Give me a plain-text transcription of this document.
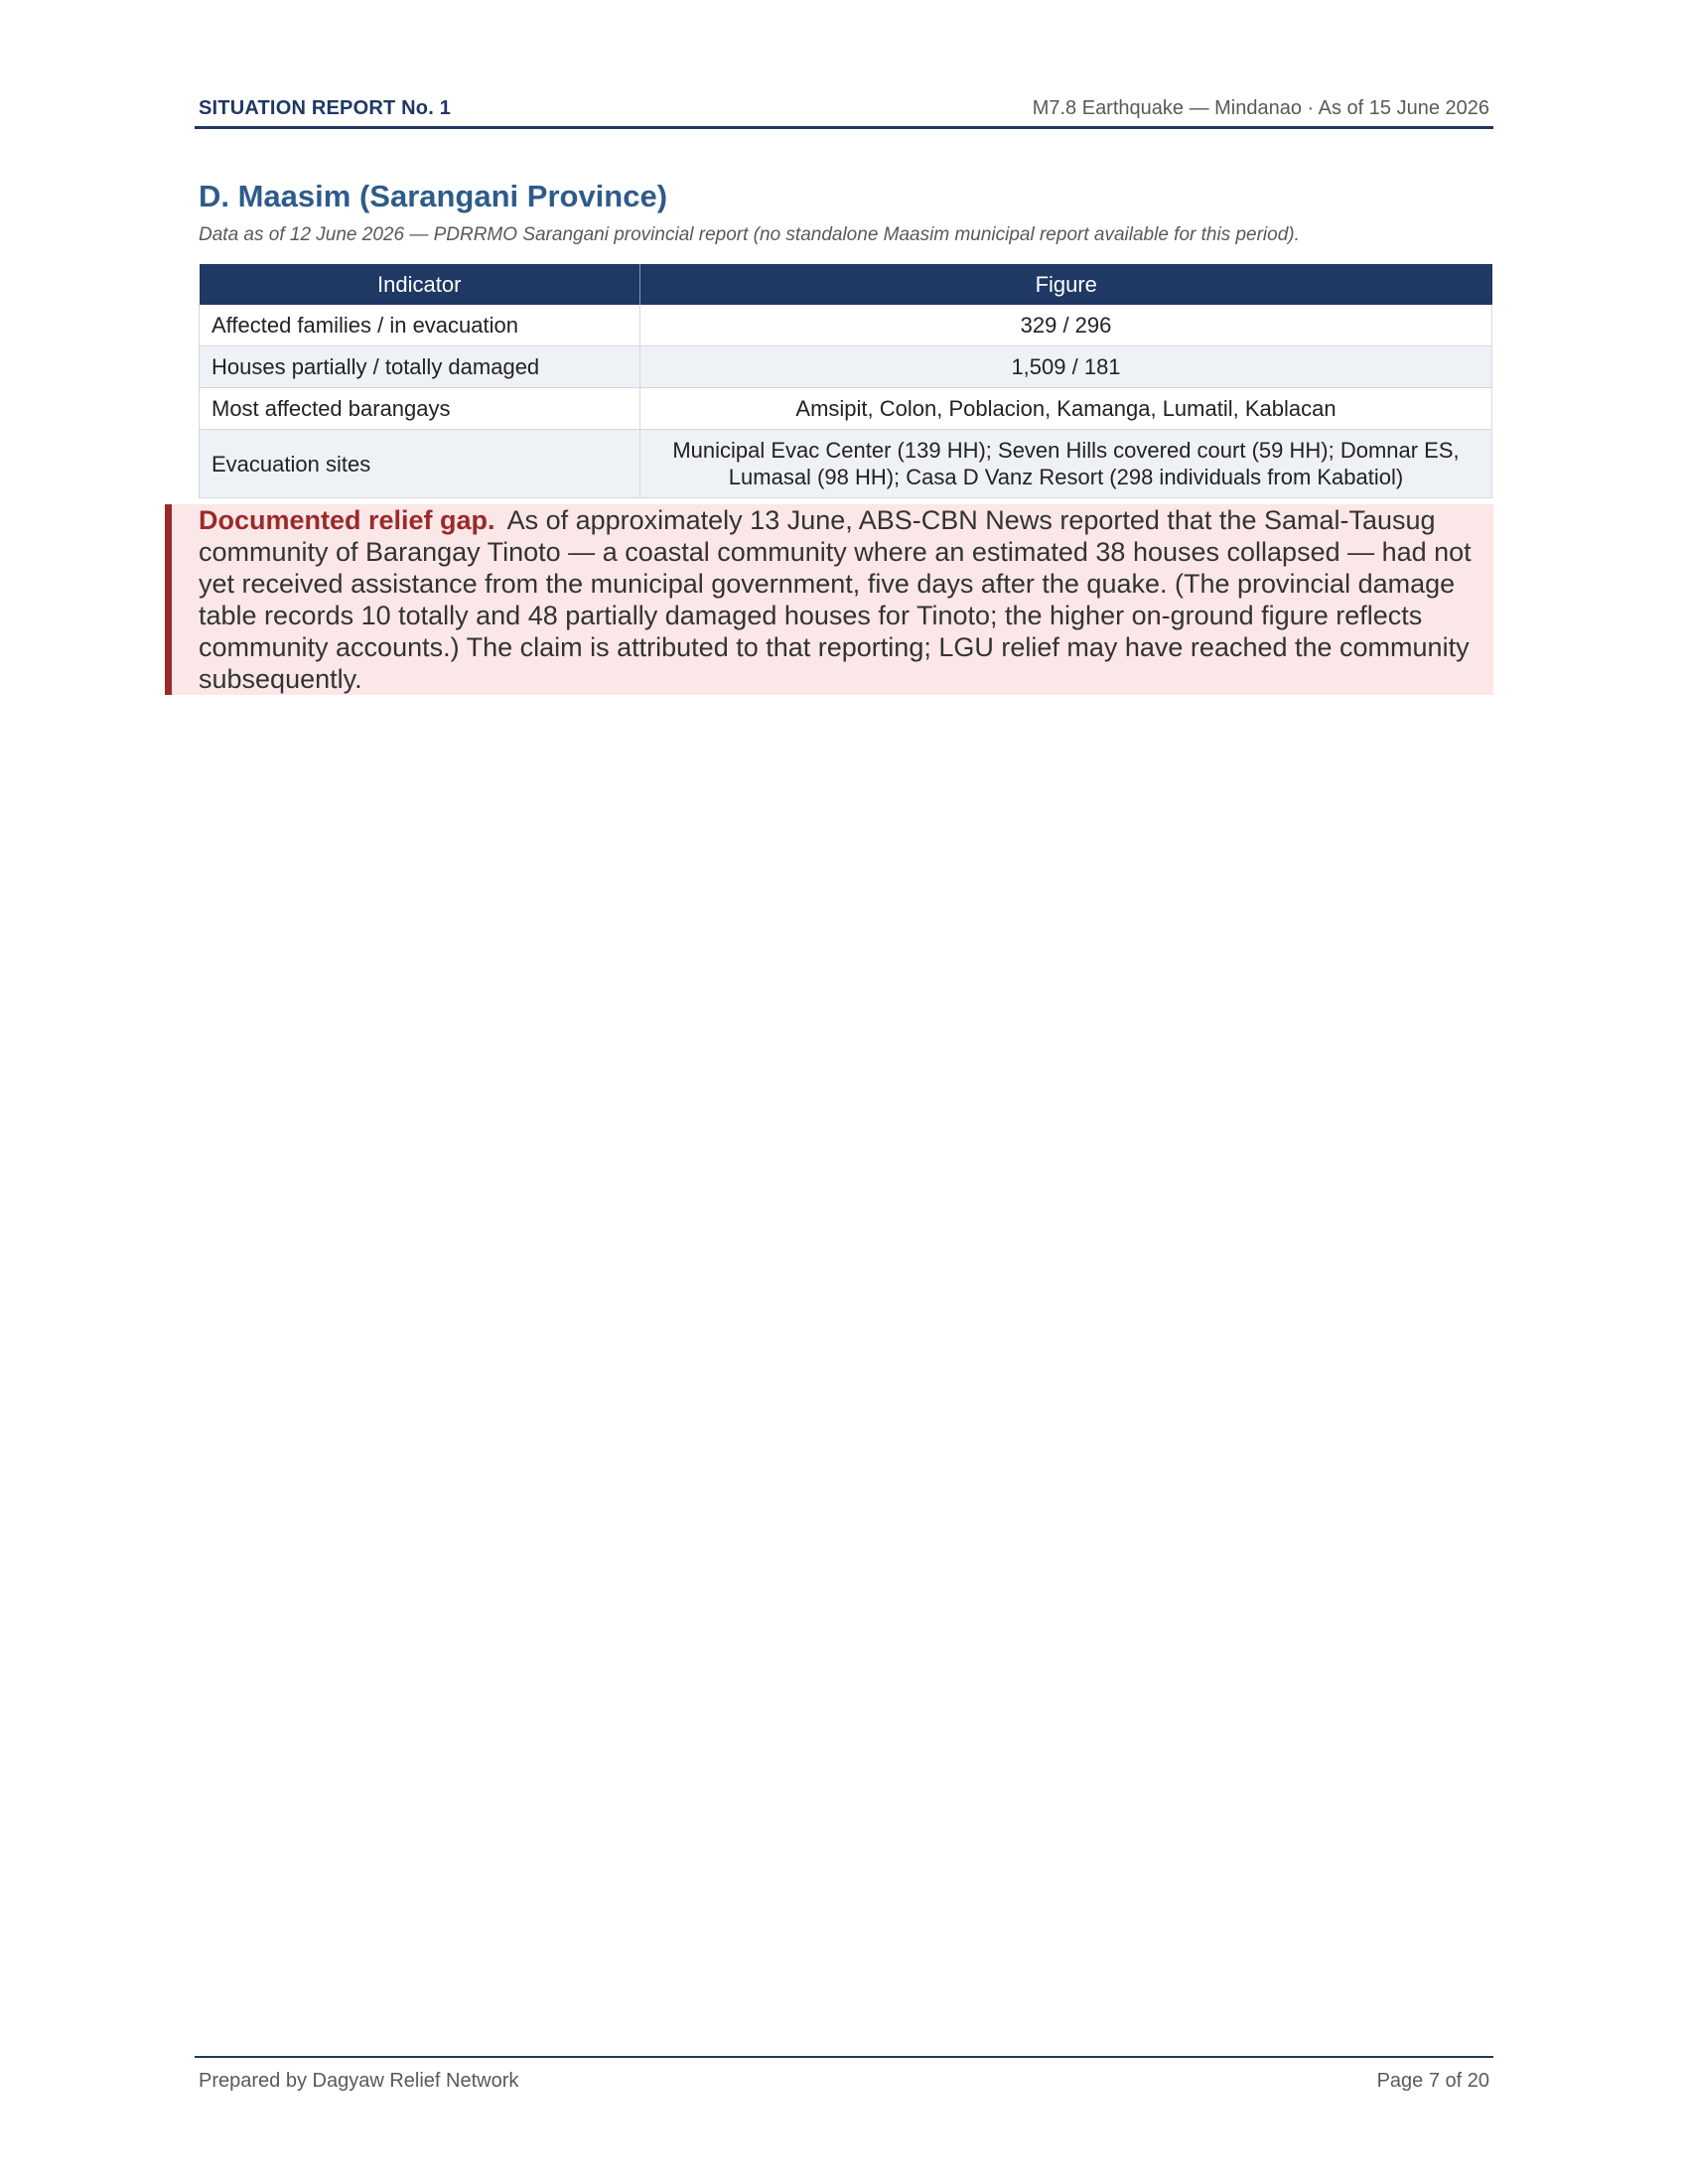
SITUATION REPORT No. 1	M7.8 Earthquake — Mindanao · As of 15 June 2026
D. Maasim (Sarangani Province)
Data as of 12 June 2026 — PDRRMO Sarangani provincial report (no standalone Maasim municipal report available for this period).
Indicator	Figure
Affected families / in evacuation	329 / 296
Houses partially / totally damaged	1,509 / 181
Most affected barangays	Amsipit, Colon, Poblacion, Kamanga, Lumatil, Kablacan
Evacuation sites	Municipal Evac Center (139 HH); Seven Hills covered court (59 HH); Domnar ES, Lumasal (98 HH); Casa D Vanz Resort (298 individuals from Kabatiol)
Documented relief gap. As of approximately 13 June, ABS-CBN News reported that the Samal-Tausug community of Barangay Tinoto — a coastal community where an estimated 38 houses collapsed — had not yet received assistance from the municipal government, five days after the quake. (The provincial damage table records 10 totally and 48 partially damaged houses for Tinoto; the higher on-ground figure reflects community accounts.) The claim is attributed to that reporting; LGU relief may have reached the community subsequently.
Prepared by Dagyaw Relief Network	Page 7 of 20
